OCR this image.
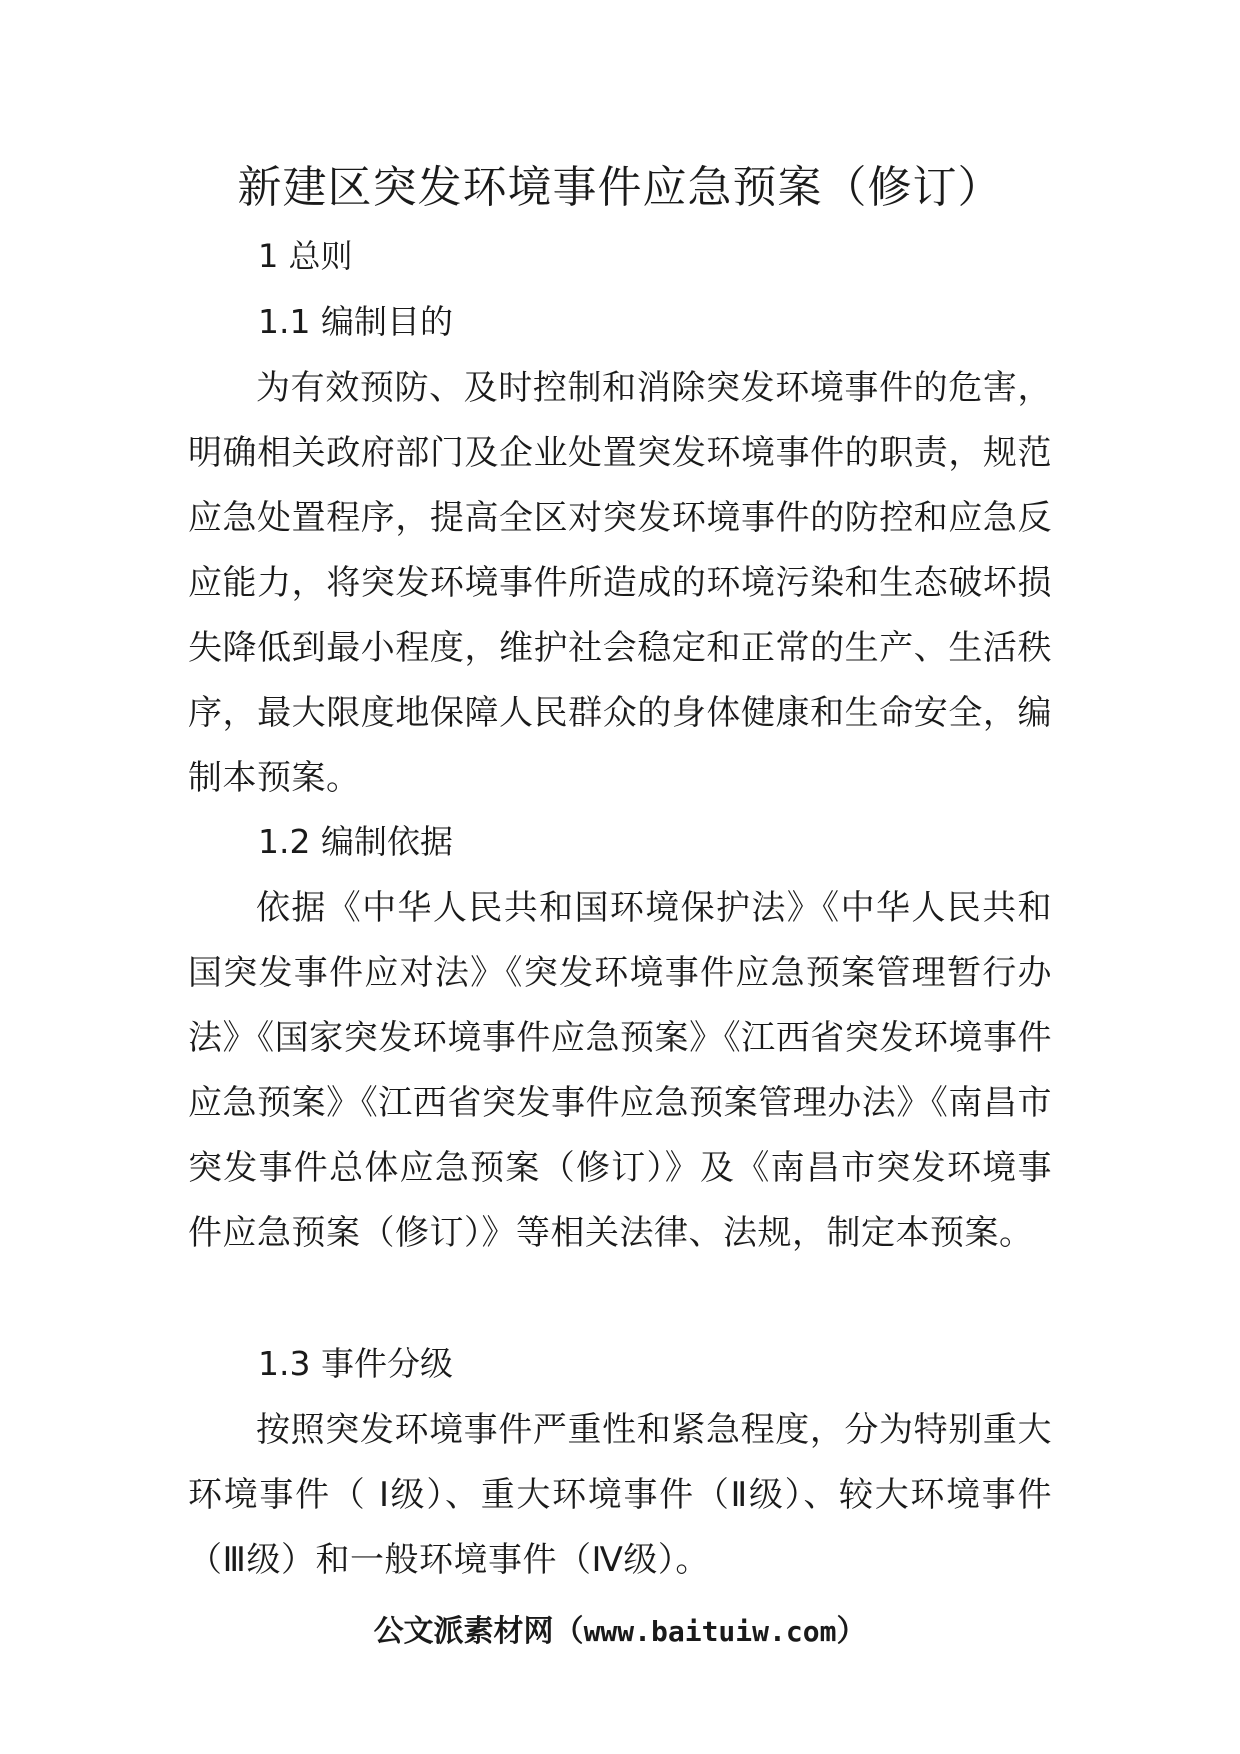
新建区突发环境事件应急预案（修订）
1 总则
1.1 编制目的
为有效预防、及时控制和消除突发环境事件的危害，明确相关政府部门及企业处置突发环境事件的职责，规范应急处置程序，提高全区对突发环境事件的防控和应急反应能力，将突发环境事件所造成的环境污染和生态破坏损失降低到最小程度，维护社会稳定和正常的生产、生活秩序，最大限度地保障人民群众的身体健康和生命安全，编制本预案。
1.2 编制依据
依据《中华人民共和国环境保护法》《中华人民共和国突发事件应对法》《突发环境事件应急预案管理暂行办法》《国家突发环境事件应急预案》《江西省突发环境事件应急预案》《江西省突发事件应急预案管理办法》《南昌市突发事件总体应急预案（修订）》及《南昌市突发环境事件应急预案（修订）》等相关法律、法规，制定本预案。
1.3 事件分级
按照突发环境事件严重性和紧急程度，分为特别重大环境事件（ Ⅰ级）、重大环境事件（Ⅱ级）、较大环境事件（Ⅲ级）和一般环境事件（Ⅳ级）。
公文派素材网（www.baituiw.com）
